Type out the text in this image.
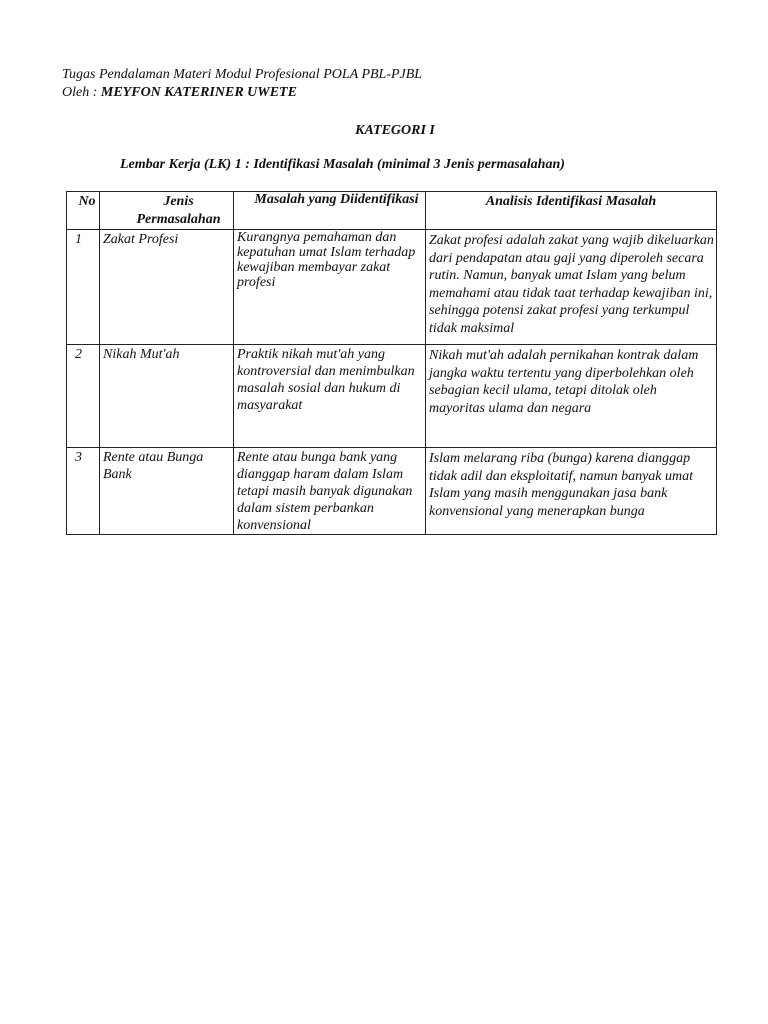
Tugas Pendalaman Materi Modul Profesional POLA PBL-PJBL
Oleh : MEYFON KATERINER UWETE
KATEGORI I
Lembar Kerja (LK) 1 : Identifikasi Masalah (minimal 3 Jenis permasalahan)
No	Jenis Permasalahan	Masalah yang Diidentifikasi	Analisis Identifikasi Masalah

1	Zakat Profesi	Kurangnya pemahaman dan kepatuhan umat Islam terhadap kewajiban membayar zakat profesi	Zakat profesi adalah zakat yang wajib dikeluarkan dari pendapatan atau gaji yang diperoleh secara rutin. Namun, banyak umat Islam yang belum memahami atau tidak taat terhadap kewajiban ini, sehingga potensi zakat profesi yang terkumpul tidak maksimal

2	Nikah Mut'ah	Praktik nikah mut'ah yang kontroversial dan menimbulkan masalah sosial dan hukum di masyarakat	Nikah mut'ah adalah pernikahan kontrak dalam jangka waktu tertentu yang diperbolehkan oleh sebagian kecil ulama, tetapi ditolak oleh mayoritas ulama dan negara

3	Rente atau Bunga Bank	Rente atau bunga bank yang dianggap haram dalam Islam tetapi masih banyak digunakan dalam sistem perbankan konvensional	Islam melarang riba (bunga) karena dianggap tidak adil dan eksploitatif, namun banyak umat Islam yang masih menggunakan jasa bank konvensional yang menerapkan bunga
